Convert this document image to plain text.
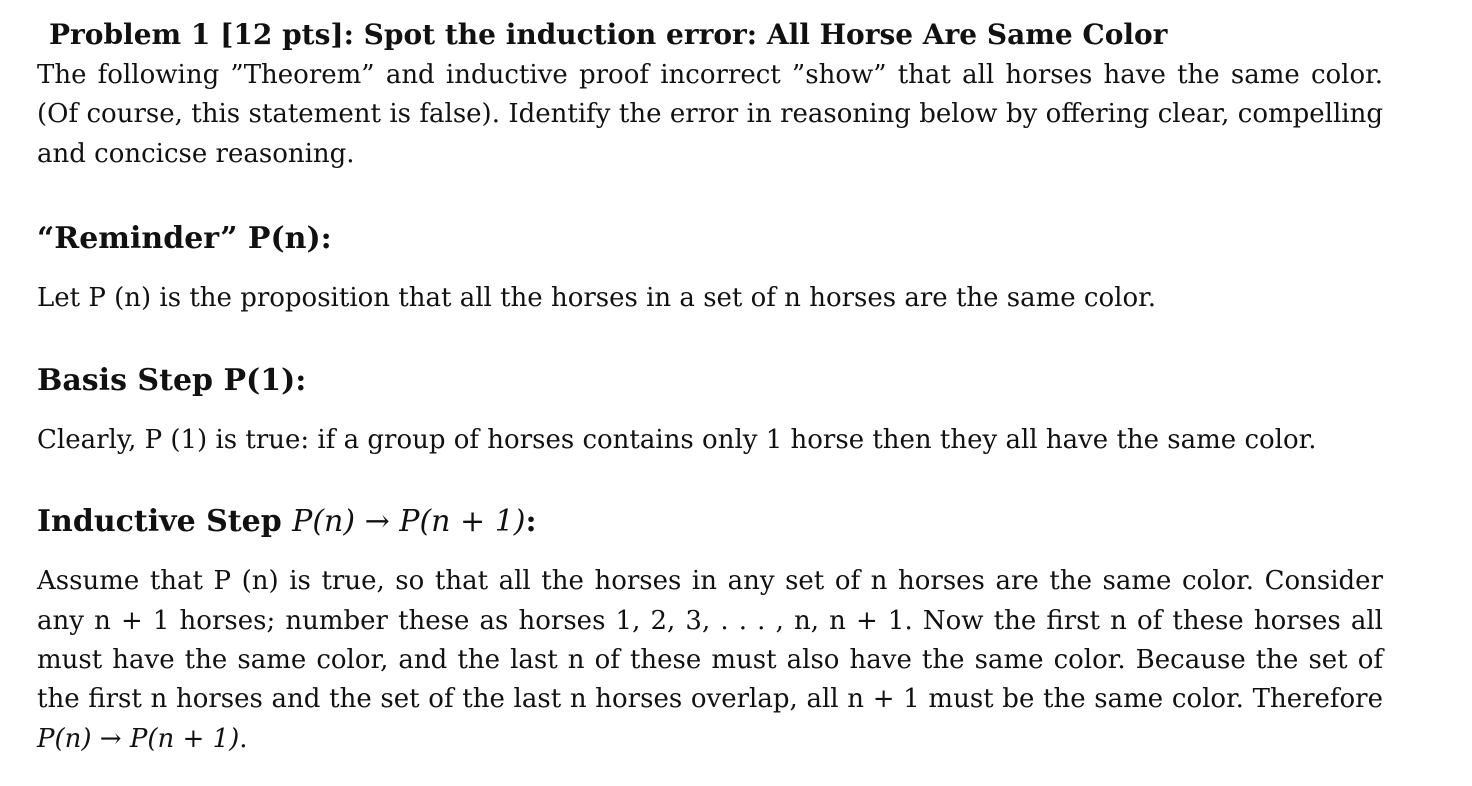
Problem 1 [12 pts]: Spot the induction error: All Horse Are Same Color

The following ”Theorem” and inductive proof incorrect ”show” that all horses have the same color. (Of course, this statement is false). Identify the error in reasoning below by offering clear, compelling and concicse reasoning.

“Reminder” P(n):

Let P (n) is the proposition that all the horses in a set of n horses are the same color.

Basis Step P(1):

Clearly, P (1) is true: if a group of horses contains only 1 horse then they all have the same color.

Inductive Step P(n) → P(n + 1):

Assume that P (n) is true, so that all the horses in any set of n horses are the same color. Consider any n + 1 horses; number these as horses 1, 2, 3, . . . , n, n + 1. Now the first n of these horses all must have the same color, and the last n of these must also have the same color. Because the set of the first n horses and the set of the last n horses overlap, all n + 1 must be the same color. Therefore P(n) → P(n + 1).
